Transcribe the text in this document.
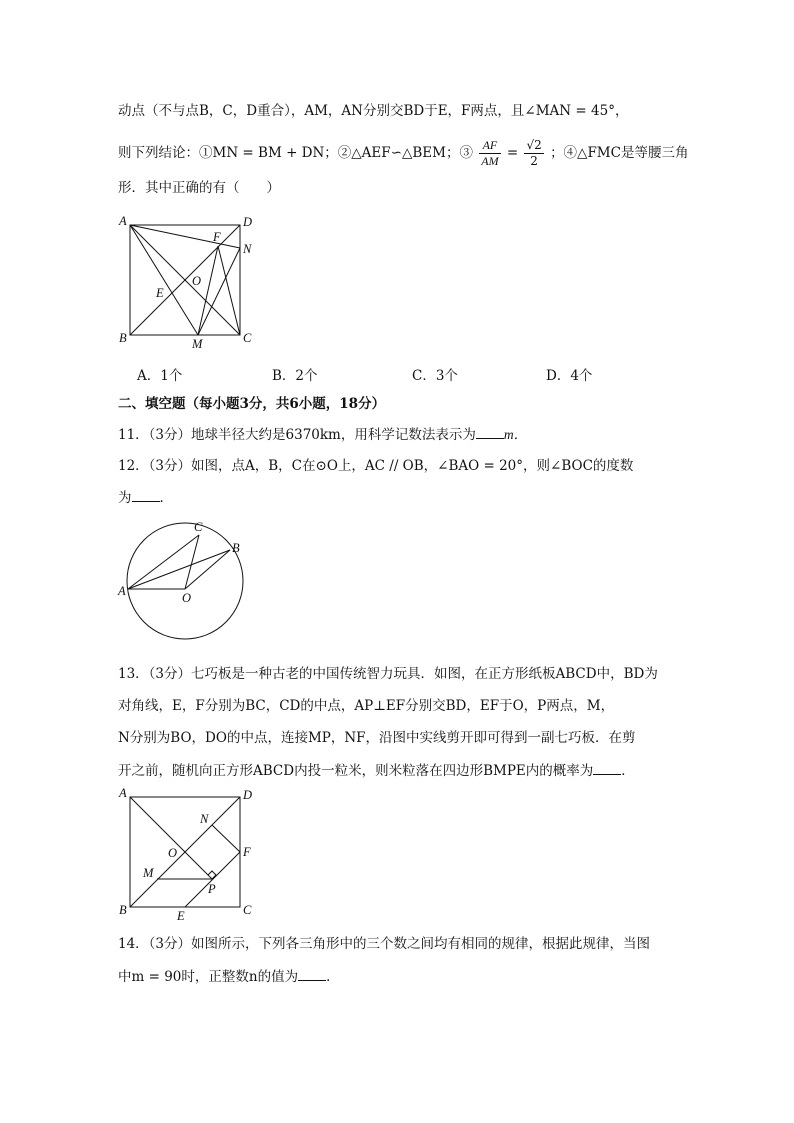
动点（不与点B，C，D重合），AM，AN分别交BD于E，F两点，且∠MAN = 45°，
则下列结论：①MN = BM + DN；②△AEF∽△BEM；③ $\frac{AF}{AM} = \frac{√2}{2}$ ；④△FMC是等腰三角
形．其中正确的有（　　）
A	D
F
N
O
E
B	M	C
A．1个	B．2个	C．3个	D．4个
二、填空题（每小题3分，共6小题，18分）
11．（3分）地球半径大约是6370km，用科学记数法表示为 m．
12．（3分）如图，点A，B，C在⊙O上，AC // OB，∠BAO = 20°，则∠BOC的度数
为 ．
C
B
A	O
13．（3分）七巧板是一种古老的中国传统智力玩具．如图，在正方形纸板ABCD中，BD为
对角线，E，F分别为BC，CD的中点，AP⊥EF分别交BD，EF于O，P两点，M，
N分别为BO，DO的中点，连接MP，NF，沿图中实线剪开即可得到一副七巧板．在剪
开之前，随机向正方形ABCD内投一粒米，则米粒落在四边形BMPE内的概率为 ．
A	D
N
O	F
M
P
B	E	C
14．（3分）如图所示，下列各三角形中的三个数之间均有相同的规律，根据此规律，当图
中m = 90时，正整数n的值为 ．
